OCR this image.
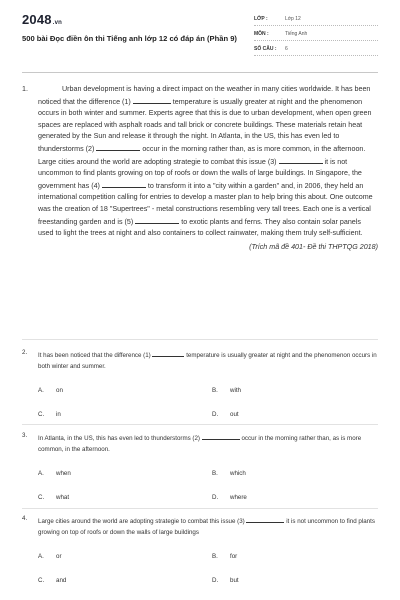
2048.vn
500 bài Đọc điền ôn thi Tiếng anh lớp 12 có đáp án (Phần 9)
LỚP :	Lớp 12
MÔN :	Tiếng Anh
SỐ CÂU : 6
1.	Urban development is having a direct impact on the weather in many cities worldwide. It has been noticed that the difference (1)	temperature is usually greater at night and the phenomenon occurs in both winter and summer. Experts agree that this is due to urban development, when open green spaces are replaced with asphalt roads and tall brick or concrete buildings. These materials retain heat generated by the Sun and release it through the night. In Atlanta, in the US, this has even led to thunderstorms (2)	occur in the morning rather than, as is more common, in the afternoon.

Large cities around the world are adopting strategie to combat this issue (3)	it is not uncommon to find plants growing on top of roofs or down the walls of large buildings. In Singapore, the government has (4)	to transform it into a "city within a garden" and, in 2006, they held an international competition calling for entries to develop a master plan to help bring this about. One outcome was the creation of 18 "Supertrees" - metal constructions resembling very tall trees. Each one is a vertical freestanding garden and is (5)	to exotic plants and ferns. They also contain solar panels used to light the trees at night and also containers to collect rainwater, making them truly self-sufficient.

(Trích mã đề 401- Đề thi THPTQG 2018)

2. It has been noticed that the difference (1)	temperature is usually greater at night and the phenomenon occurs in both winter and summer.
A. on	B. with
C. in	D. out
3. In Atlanta, in the US, this has even led to thunderstorms (2)	occur in the morning rather than, as is more common, in the afternoon.
A. when	B. which
C. what	D. where
4. Large cities around the world are adopting strategie to combat this issue (3)	it is not uncommon to find plants growing on top of roofs or down the walls of large buildings
A. or	B. for
C. and	D. but
